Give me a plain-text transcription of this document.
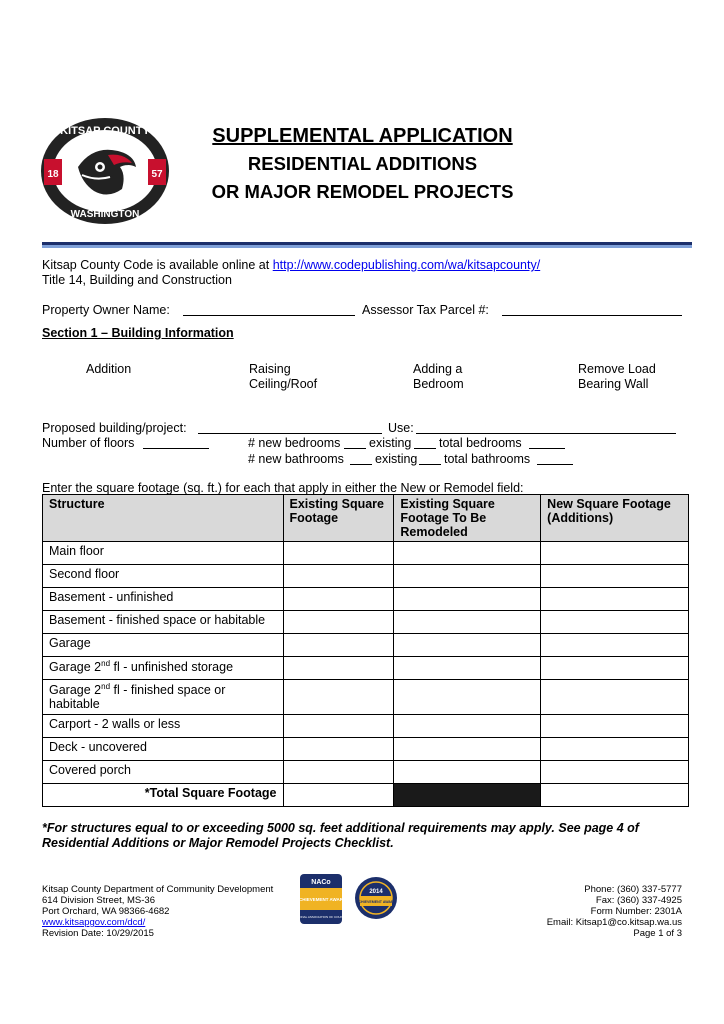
KITSAP COUNTY
WASHINGTON
18	57
SUPPLEMENTAL APPLICATION
RESIDENTIAL ADDITIONS
OR MAJOR REMODEL PROJECTS
Kitsap County Code is available online at http://www.codepublishing.com/wa/kitsapcounty/
Title 14, Building and Construction
Property Owner Name:	Assessor Tax Parcel #:
Section 1 – Building Information
Addition	Raising
Ceiling/Roof
Adding a
Bedroom
Remove Load
Bearing Wall
Proposed building/project:	Use:
Number of floors	# new bedrooms existing total bedrooms
# new bathrooms existing total bathrooms
Enter the square footage (sq. ft.) for each that apply in either the New or Remodel field:
Structure	Existing Square Footage	Existing Square Footage To Be Remodeled	New Square Footage (Additions)
Main floor			
Second floor			
Basement - unfinished			
Basement - finished space or habitable			
Garage			
Garage 2nd fl - unfinished storage			
Garage 2nd fl - finished space or habitable			
Carport - 2 walls or less			
Deck - uncovered			
Covered porch			
*Total Square Footage			
*For structures equal to or exceeding 5000 sq. feet additional requirements may apply. See page 4 of Residential Additions or Major Remodel Projects Checklist.
Kitsap County Department of Community Development
614 Division Street, MS-36
Port Orchard, WA 98366-4682
www.kitsapgov.com/dcd/
Revision Date: 10/29/2015
NACo
ACHIEVEMENT AWARD
NATIONAL ASSOCIATION OF COUNTIES
2014
ACHIEVEMENT AWARD
Phone: (360) 337-5777
Fax: (360) 337-4925
Form Number: 2301A
Email: Kitsap1@co.kitsap.wa.us
Page 1 of 3
